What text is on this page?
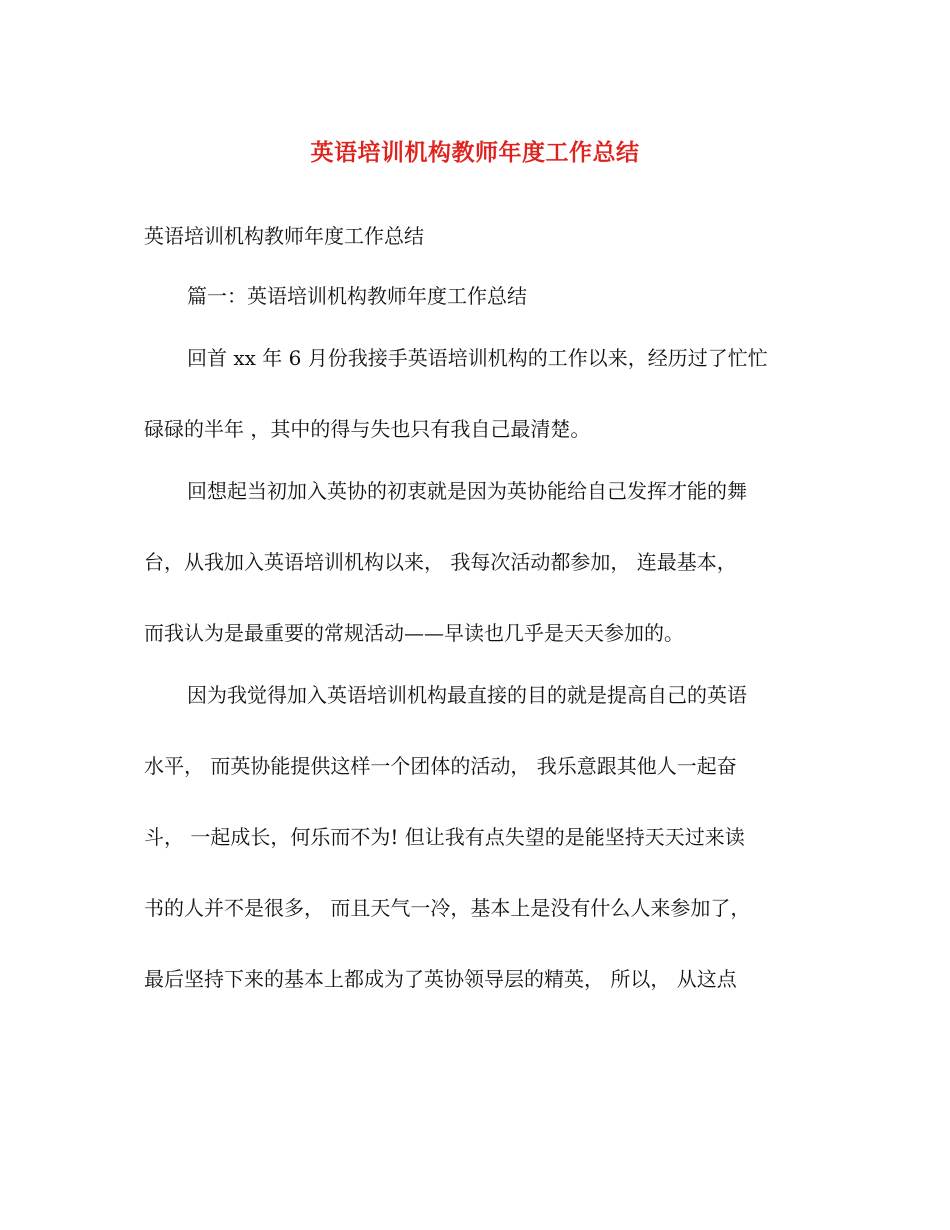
英语培训机构教师年度工作总结
英语培训机构教师年度工作总结
篇一：英语培训机构教师年度工作总结
回首 xx 年 6 月份我接手英语培训机构的工作以来，经历过了忙忙
碌碌的半年 ，其中的得与失也只有我自己最清楚。
回想起当初加入英协的初衷就是因为英协能给自己发挥才能的舞
台，从我加入英语培训机构以来， 我每次活动都参加， 连最基本，
而我认为是最重要的常规活动——早读也几乎是天天参加的。
因为我觉得加入英语培训机构最直接的目的就是提高自己的英语
水平， 而英协能提供这样一个团体的活动， 我乐意跟其他人一起奋
斗， 一起成长，何乐而不为! 但让我有点失望的是能坚持天天过来读
书的人并不是很多， 而且天气一冷，基本上是没有什么人来参加了，
最后坚持下来的基本上都成为了英协领导层的精英， 所以， 从这点
